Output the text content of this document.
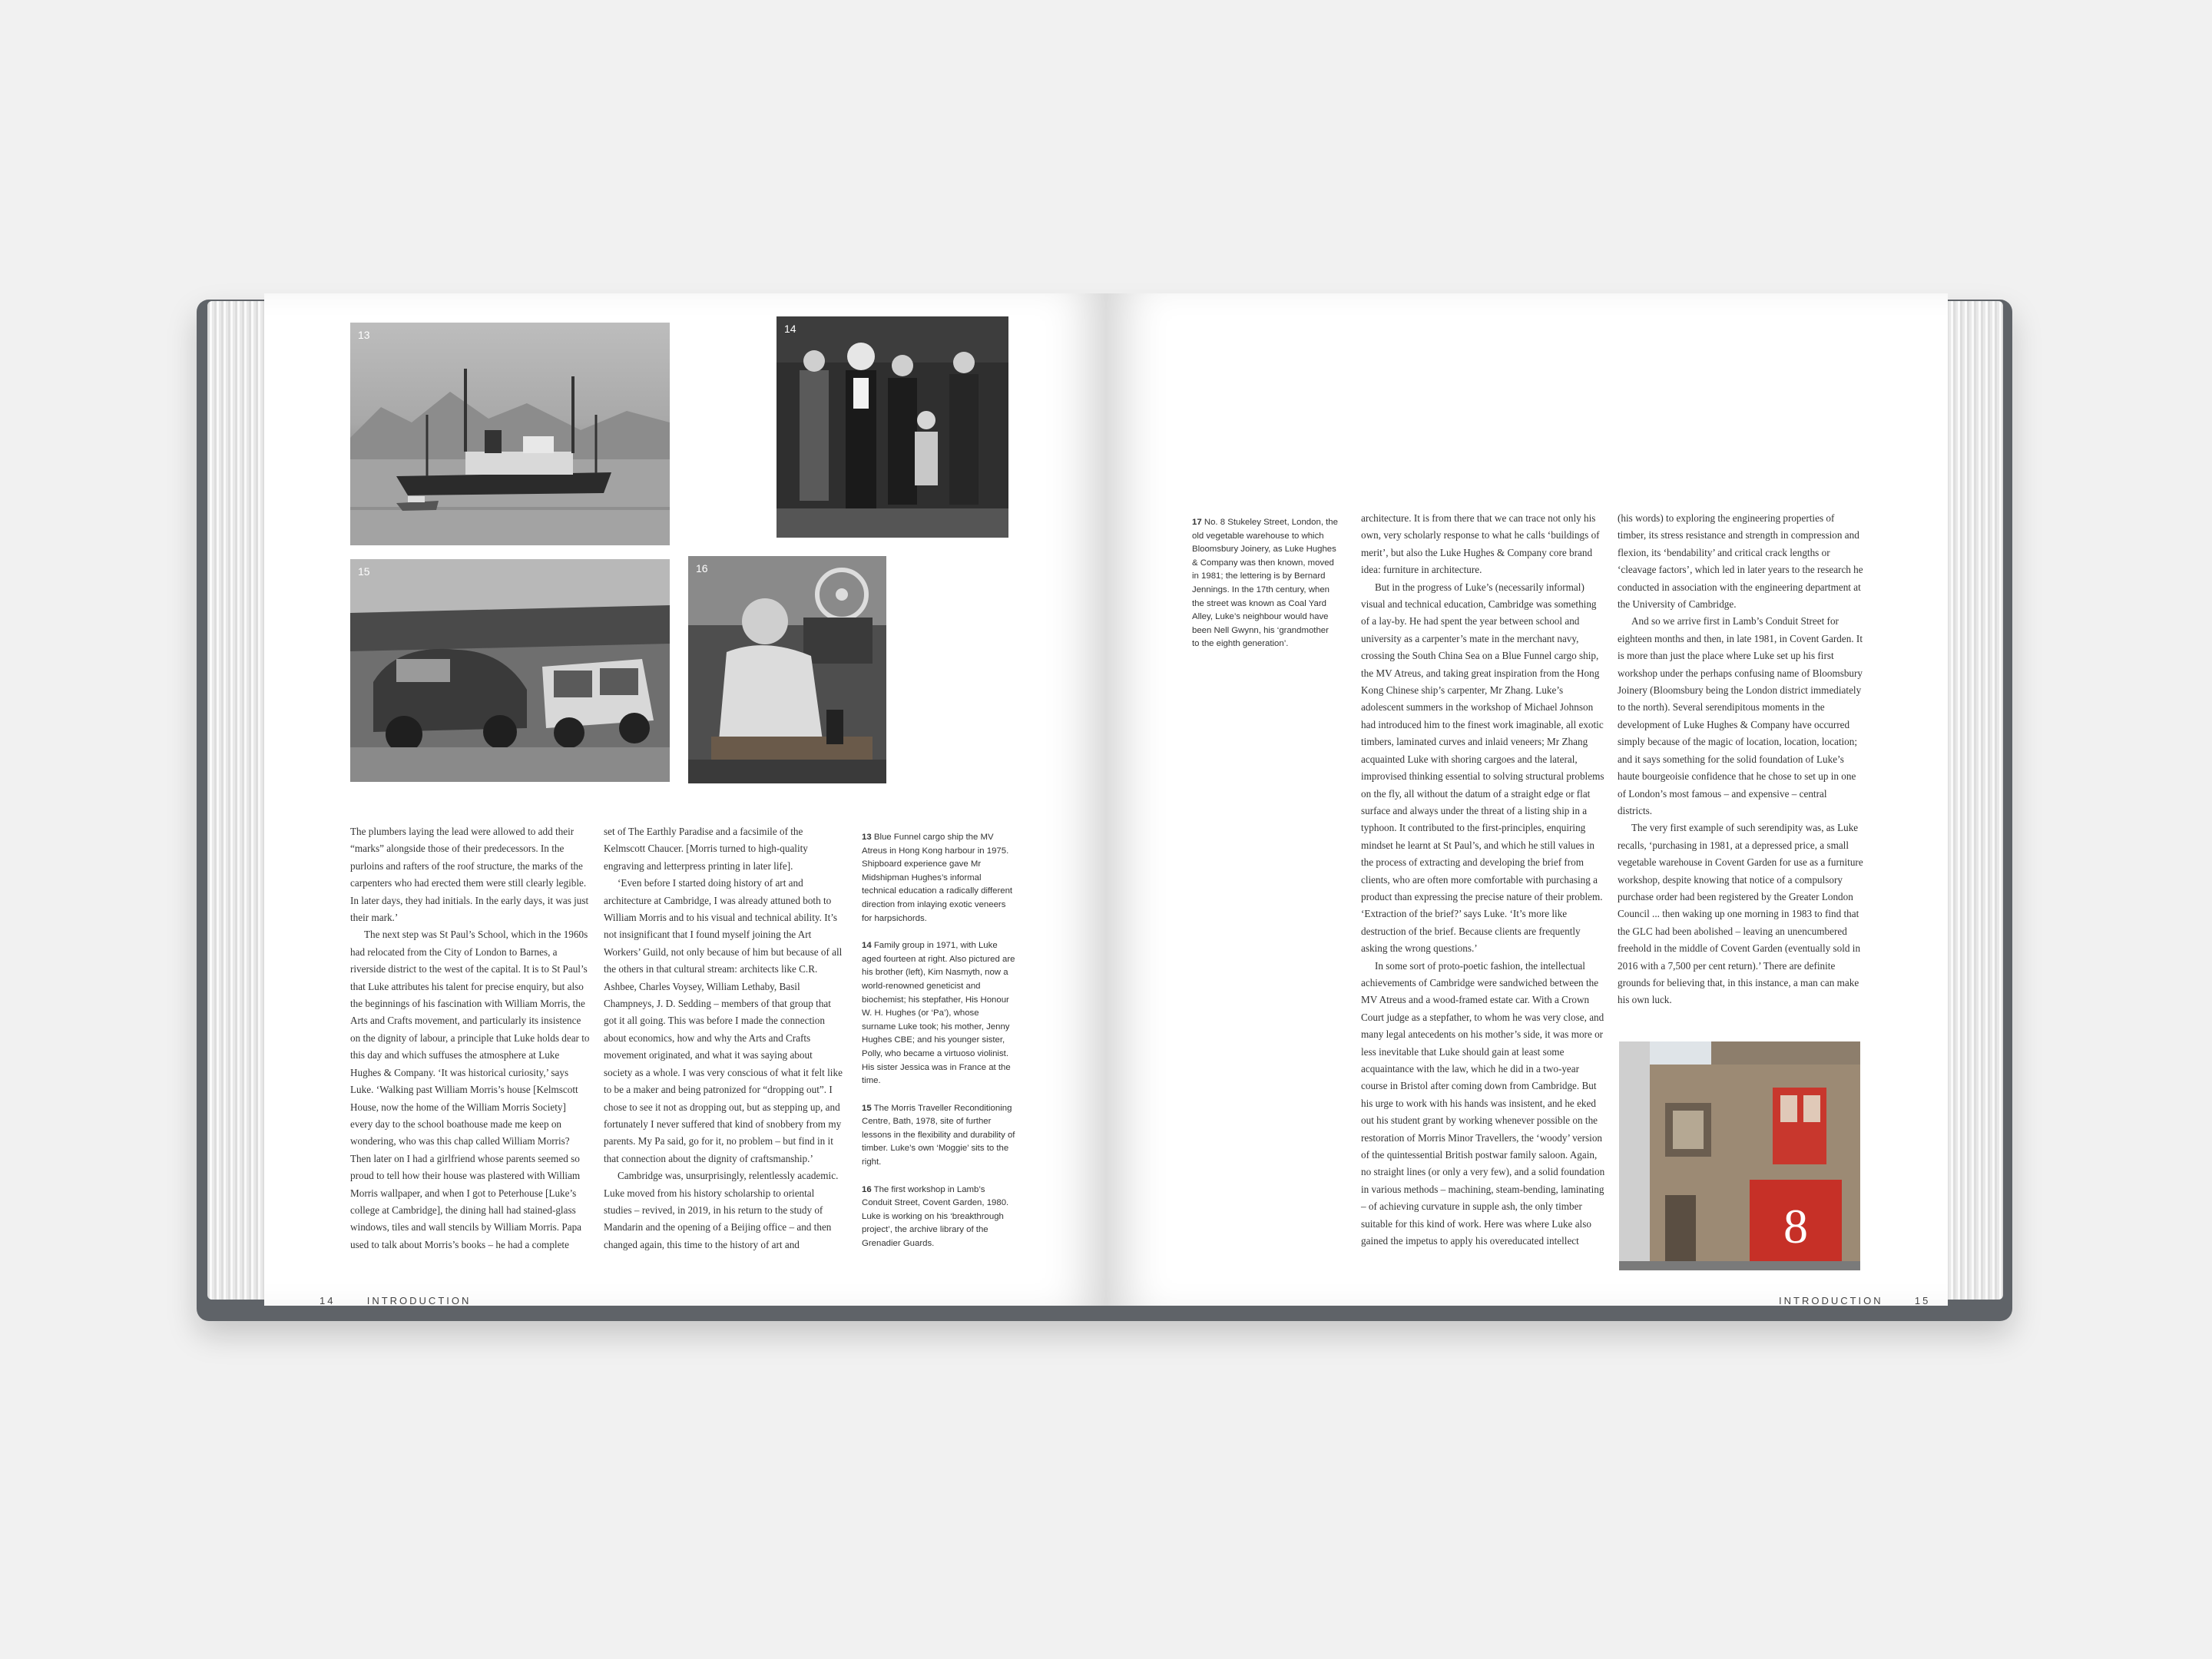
13	14
15	16

The plumbers laying the lead were allowed to add their “marks” alongside those of their predecessors. In the purloins and rafters of the roof structure, the marks of the carpenters who had erected them were still clearly legible. In later days, they had initials. In the early days, it was just their mark.’

The next step was St Paul’s School, which in the 1960s had relocated from the City of London to Barnes, a riverside district to the west of the capital. It is to St Paul’s that Luke attributes his talent for precise enquiry, but also the beginnings of his fascination with William Morris, the Arts and Crafts movement, and particularly its insistence on the dignity of labour, a principle that Luke holds dear to this day and which suffuses the atmosphere at Luke Hughes & Company. ‘It was historical curiosity,’ says Luke. ‘Walking past William Morris’s house [Kelmscott House, now the home of the William Morris Society] every day to the school boathouse made me keep on wondering, who was this chap called William Morris? Then later on I had a girlfriend whose parents seemed so proud to tell how their house was plastered with William Morris wallpaper, and when I got to Peterhouse [Luke’s college at Cambridge], the dining hall had stained-glass windows, tiles and wall stencils by William Morris. Papa used to talk about Morris’s books – he had a complete

set of The Earthly Paradise and a facsimile of the Kelmscott Chaucer. [Morris turned to high-quality engraving and letterpress printing in later life].

‘Even before I started doing history of art and architecture at Cambridge, I was already attuned both to William Morris and to his visual and technical ability. It’s not insignificant that I found myself joining the Art Workers’ Guild, not only because of him but because of all the others in that cultural stream: architects like C.R. Ashbee, Charles Voysey, William Lethaby, Basil Champneys, J. D. Sedding – members of that group that got it all going. This was before I made the connection about economics, how and why the Arts and Crafts movement originated, and what it was saying about society as a whole. I was very conscious of what it felt like to be a maker and being patronized for “dropping out”. I chose to see it not as dropping out, but as stepping up, and fortunately I never suffered that kind of snobbery from my parents. My Pa said, go for it, no problem – but find in it that connection about the dignity of craftsmanship.’

Cambridge was, unsurprisingly, relentlessly academic. Luke moved from his history scholarship to oriental studies – revived, in 2019, in his return to the study of Mandarin and the opening of a Beijing office – and then changed again, this time to the history of art and

13 Blue Funnel cargo ship the MV Atreus in Hong Kong harbour in 1975. Shipboard experience gave Mr Midshipman Hughes’s informal technical education a radically different direction from inlaying exotic veneers for harpsichords.

14 Family group in 1971, with Luke aged fourteen at right. Also pictured are his brother (left), Kim Nasmyth, now a world-renowned geneticist and biochemist; his stepfather, His Honour W. H. Hughes (or ‘Pa’), whose surname Luke took; his mother, Jenny Hughes CBE; and his younger sister, Polly, who became a virtuoso violinist. His sister Jessica was in France at the time.

15 The Morris Traveller Reconditioning Centre, Bath, 1978, site of further lessons in the flexibility and durability of timber. Luke’s own ‘Moggie’ sits to the right.

16 The first workshop in Lamb’s Conduit Street, Covent Garden, 1980. Luke is working on his ‘breakthrough project’, the archive library of the Grenadier Guards.

14	INTRODUCTION

17 No. 8 Stukeley Street, London, the old vegetable warehouse to which Bloomsbury Joinery, as Luke Hughes & Company was then known, moved in 1981; the lettering is by Bernard Jennings. In the 17th century, when the street was known as Coal Yard Alley, Luke’s neighbour would have been Nell Gwynn, his ‘grandmother to the eighth generation’.

architecture. It is from there that we can trace not only his own, very scholarly response to what he calls ‘buildings of merit’, but also the Luke Hughes & Company core brand idea: furniture in architecture.

But in the progress of Luke’s (necessarily informal) visual and technical education, Cambridge was something of a lay-by. He had spent the year between school and university as a carpenter’s mate in the merchant navy, crossing the South China Sea on a Blue Funnel cargo ship, the MV Atreus, and taking great inspiration from the Hong Kong Chinese ship’s carpenter, Mr Zhang. Luke’s adolescent summers in the workshop of Michael Johnson had introduced him to the finest work imaginable, all exotic timbers, laminated curves and inlaid veneers; Mr Zhang acquainted Luke with shoring cargoes and the lateral, improvised thinking essential to solving structural problems on the fly, all without the datum of a straight edge or flat surface and always under the threat of a listing ship in a typhoon. It contributed to the first-principles, enquiring mindset he learnt at St Paul’s, and which he still values in the process of extracting and developing the brief from clients, who are often more comfortable with purchasing a product than expressing the precise nature of their problem. ‘Extraction of the brief?’ says Luke. ‘It’s more like destruction of the brief. Because clients are frequently asking the wrong questions.’

In some sort of proto-poetic fashion, the intellectual achievements of Cambridge were sandwiched between the MV Atreus and a wood-framed estate car. With a Crown Court judge as a stepfather, to whom he was very close, and many legal antecedents on his mother’s side, it was more or less inevitable that Luke should gain at least some acquaintance with the law, which he did in a two-year course in Bristol after coming down from Cambridge. But his urge to work with his hands was insistent, and he eked out his student grant by working whenever possible on the restoration of Morris Minor Travellers, the ‘woody’ version of the quintessential British postwar family saloon. Again, no straight lines (or only a very few), and a solid foundation in various methods – machining, steam-bending, laminating – of achieving curvature in supple ash, the only timber suitable for this kind of work. Here was where Luke also gained the impetus to apply his overeducated intellect

(his words) to exploring the engineering properties of timber, its stress resistance and strength in compression and flexion, its ‘bendability’ and critical crack lengths or ‘cleavage factors’, which led in later years to the research he conducted in association with the engineering department at the University of Cambridge.

And so we arrive first in Lamb’s Conduit Street for eighteen months and then, in late 1981, in Covent Garden. It is more than just the place where Luke set up his first workshop under the perhaps confusing name of Bloomsbury Joinery (Bloomsbury being the London district immediately to the north). Several serendipitous moments in the development of Luke Hughes & Company have occurred simply because of the magic of location, location, location; and it says something for the solid foundation of Luke’s haute bourgeoisie confidence that he chose to set up in one of London’s most famous – and expensive – central districts.

The very first example of such serendipity was, as Luke recalls, ‘purchasing in 1981, at a depressed price, a small vegetable warehouse in Covent Garden for use as a furniture workshop, despite knowing that notice of a compulsory purchase order had been registered by the Greater London Council ... then waking up one morning in 1983 to find that the GLC had been abolished – leaving an unencumbered freehold in the middle of Covent Garden (eventually sold in 2016 with a 7,500 per cent return).’ There are definite grounds for believing that, in this instance, a man can make his own luck.

8
INTRODUCTION	15
